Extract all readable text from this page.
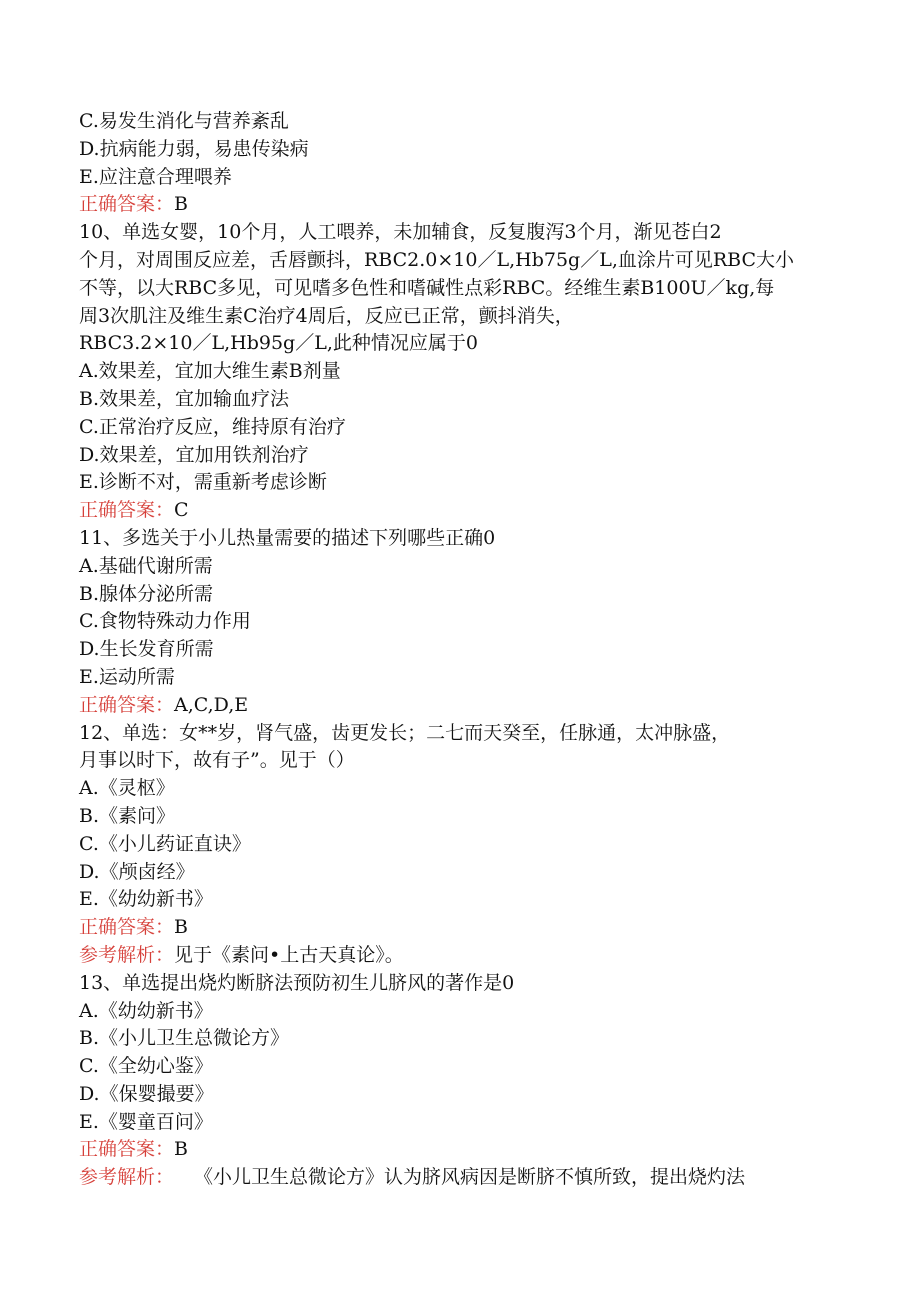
C.易发生消化与营养紊乱
D.抗病能力弱，易患传染病
E.应注意合理喂养
正确答案：B
10、单选女婴，10个月，人工喂养，未加辅食，反复腹泻3个月，渐见苍白2
个月，对周围反应差，舌唇颤抖，RBC2.0×10／L,Hb75g／L,血涂片可见RBC大小
不等，以大RBC多见，可见嗜多色性和嗜碱性点彩RBC。经维生素B100U／kg,每
周3次肌注及维生素C治疗4周后，反应已正常，颤抖消失，
RBC3.2×10／L,Hb95g／L,此种情况应属于0
A.效果差，宜加大维生素B剂量
B.效果差，宜加输血疗法
C.正常治疗反应，维持原有治疗
D.效果差，宜加用铁剂治疗
E.诊断不对，需重新考虑诊断
正确答案：C
11、多选关于小儿热量需要的描述下列哪些正确0
A.基础代谢所需
B.腺体分泌所需
C.食物特殊动力作用
D.生长发育所需
E.运动所需
正确答案：A,C,D,E
12、单选：女**岁，肾气盛，齿更发长；二七而天癸至，任脉通，太冲脉盛，
月事以时下，故有子”。见于（）
A.《灵枢》
B.《素问》
C.《小儿药证直诀》
D.《颅卤经》
E.《幼幼新书》
正确答案：B
参考解析：见于《素问•上古天真论》。
13、单选提出烧灼断脐法预防初生儿脐风的著作是0
A.《幼幼新书》
B.《小儿卫生总微论方》
C.《全幼心鉴》
D.《保婴撮要》
E.《婴童百问》
正确答案：B
参考解析： 《小儿卫生总微论方》认为脐风病因是断脐不慎所致，提出烧灼法
